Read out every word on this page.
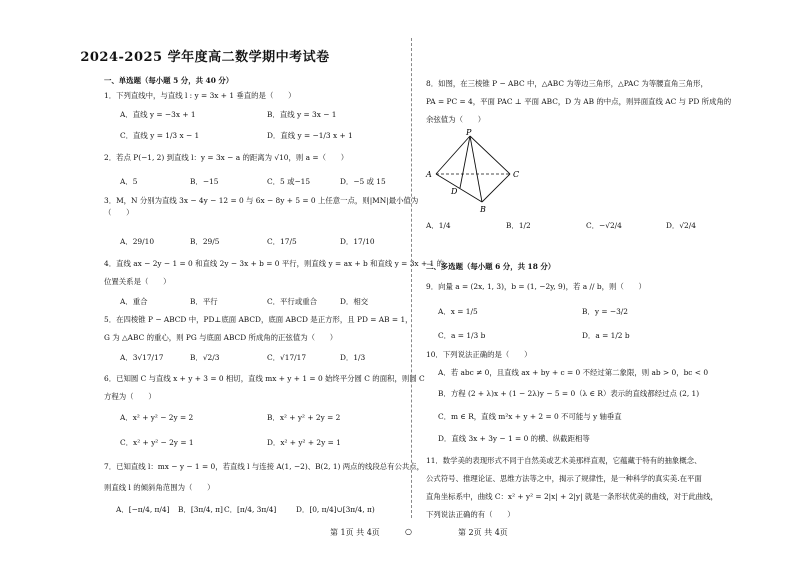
2024-2025 学年度高二数学期中考试卷
一、单选题（每小题 5 分，共 40 分）
1．下列直线中，与直线 l : y = 3x + 1 垂直的是（　　）
A．直线 y = −3x + 1	B．直线 y = 3x − 1
C．直线 y = 1/3 x − 1	D．直线 y = −1/3 x + 1
2．若点 P(−1, 2) 到直线 l：y = 3x − a 的距离为 √10，则 a =（　　）
A．5	B．−15	C．5 或−15	D．−5 或 15
3．M，N 分别为直线 3x − 4y − 12 = 0 与 6x − 8y + 5 = 0 上任意一点，则|MN|最小值为
（　　）
A．29/10	B．29/5	C．17/5	D．17/10
4．直线 ax − 2y − 1 = 0 和直线 2y − 3x + b = 0 平行，则直线 y = ax + b 和直线 y = 3x + 1 的
位置关系是（　　）
A．重合	B．平行	C．平行或重合	D．相交
5．在四棱锥 P − ABCD 中，PD⊥底面 ABCD，底面 ABCD 是正方形，且 PD = AB = 1，
G 为 △ABC 的重心，则 PG 与底面 ABCD 所成角的正弦值为（　　）
A．3√17/17	B．√2/3	C．√17/17	D．1/3
6．已知圆 C 与直线 x + y + 3 = 0 相切，直线 mx + y + 1 = 0 始终平分圆 C 的面积，则圆 C
方程为（　　）
A．x² + y² − 2y = 2	B．x² + y² + 2y = 2
C．x² + y² − 2y = 1	D．x² + y² + 2y = 1
7．已知直线 l：mx − y − 1 = 0，若直线 l 与连接 A(1, −2)、B(2, 1) 两点的线段总有公共点，
则直线 l 的倾斜角范围为（　　）
A．[−π/4, π/4] B．[3π/4, π] C．[π/4, 3π/4]	D．[0, π/4]∪[3π/4, π)
第 1页 共 4页	○
8．如图，在三棱锥 P − ABC 中，△ABC 为等边三角形，△PAC 为等腰直角三角形，
PA = PC = 4，平面 PAC ⊥ 平面 ABC，D 为 AB 的中点，则异面直线 AC 与 PD 所成角的
余弦值为（　　）
P
A	C
D
B
A．1/4	B．1/2	C．−√2/4	D．√2/4
二、多选题（每小题 6 分，共 18 分）
9．向量 a = (2x, 1, 3)，b = (1, −2y, 9)，若 a // b，则（　　）
A．x = 1/5	B．y = −3/2
C．a = 1/3 b	D．a = 1/2 b
10．下列说法正确的是（　　）
A．若 abc ≠ 0，且直线 ax + by + c = 0 不经过第二象限，则 ab > 0，bc < 0
B．方程 (2 + λ)x + (1 − 2λ)y − 5 = 0（λ ∈ R）表示的直线都经过点 (2, 1)
C．m ∈ R，直线 m²x + y + 2 = 0 不可能与 y 轴垂直
D．直线 3x + 3y − 1 = 0 的横、纵截距相等
11．数学美的表现形式不同于自然美或艺术美那样直观，它蕴藏于特有的抽象概念、
公式符号、推理论证、思维方法等之中，揭示了规律性，是一种科学的真实美.在平面
直角坐标系中，曲线 C：x² + y² = 2|x| + 2|y| 就是一条形状优美的曲线，对于此曲线，
下列说法正确的有（　　）
第 2页 共 4页
